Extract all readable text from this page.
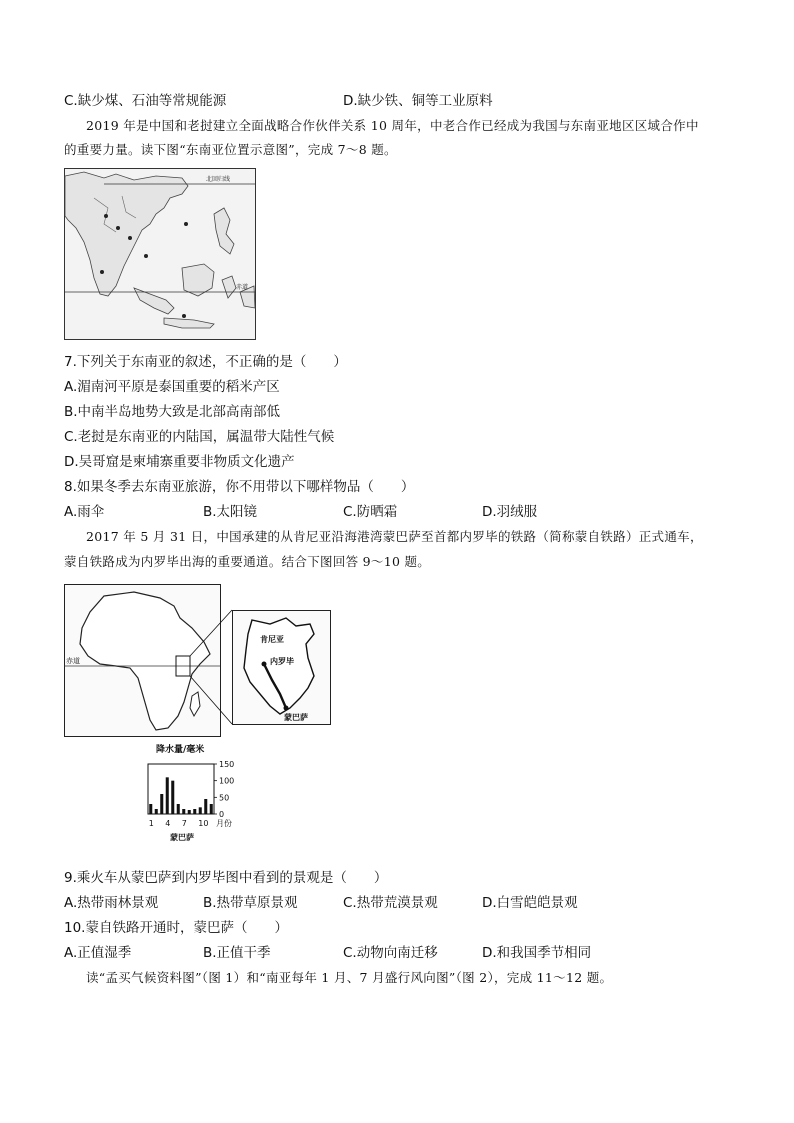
C.缺少煤、石油等常规能源	D.缺少铁、铜等工业原料
2019 年是中国和老挝建立全面战略合作伙伴关系 10 周年，中老合作已经成为我国与东南亚地区区域合作中
的重要力量。读下图“东南亚位置示意图”，完成 7～8 题。
北回归线
赤道
7.下列关于东南亚的叙述，不正确的是（　　）
A.湄南河平原是泰国重要的稻米产区
B.中南半岛地势大致是北部高南部低
C.老挝是东南亚的内陆国，属温带大陆性气候
D.吴哥窟是柬埔寨重要非物质文化遗产
8.如果冬季去东南亚旅游，你不用带以下哪样物品（　　）
A.雨伞	B.太阳镜	C.防晒霜	D.羽绒服
2017 年 5 月 31 日，中国承建的从肯尼亚沿海港湾蒙巴萨至首都内罗毕的铁路（简称蒙自铁路）正式通车，
蒙自铁路成为内罗毕出海的重要通道。结合下图回答 9～10 题。
赤道
肯尼亚
内罗毕
蒙巴萨
降水量/毫米
0
50
100
150
1 4 7 10 月份
蒙巴萨
9.乘火车从蒙巴萨到内罗毕图中看到的景观是（　　）
A.热带雨林景观	B.热带草原景观	C.热带荒漠景观	D.白雪皑皑景观
10.蒙自铁路开通时，蒙巴萨（　　）
A.正值湿季	B.正值干季	C.动物向南迁移	D.和我国季节相同
读“孟买气候资料图”（图 1）和“南亚每年 1 月、7 月盛行风向图”（图 2），完成 11～12 题。
